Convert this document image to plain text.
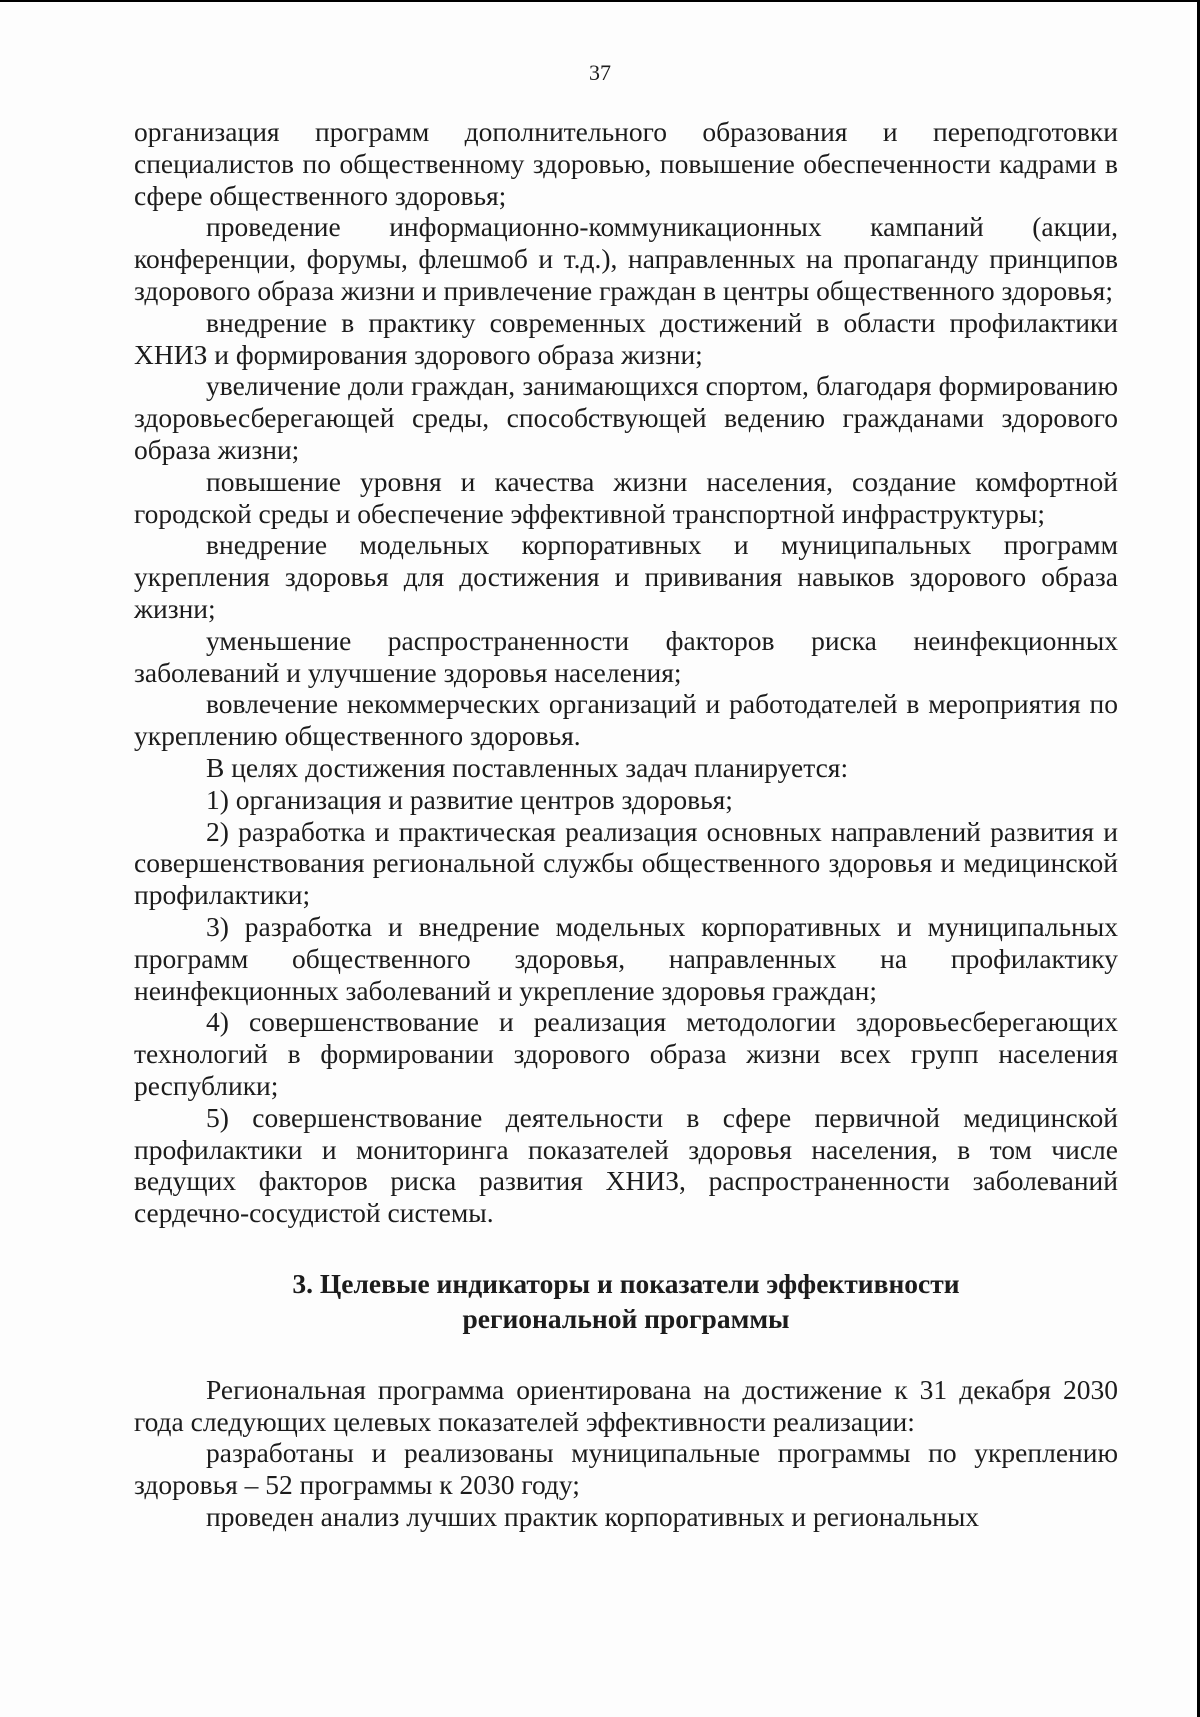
37

организация программ дополнительного образования и переподготовки специалистов по общественному здоровью, повышение обеспеченности кадрами в сфере общественного здоровья;

проведение информационно-коммуникационных кампаний (акции, конференции, форумы, флешмоб и т.д.), направленных на пропаганду принципов здорового образа жизни и привлечение граждан в центры общественного здоровья;

внедрение в практику современных достижений в области профилактики ХНИЗ и формирования здорового образа жизни;

увеличение доли граждан, занимающихся спортом, благодаря формированию здоровьесберегающей среды, способствующей ведению гражданами здорового образа жизни;

повышение уровня и качества жизни населения, создание комфортной городской среды и обеспечение эффективной транспортной инфраструктуры;

внедрение модельных корпоративных и муниципальных программ укрепления здоровья для достижения и прививания навыков здорового образа жизни;

уменьшение распространенности факторов риска неинфекционных заболеваний и улучшение здоровья населения;

вовлечение некоммерческих организаций и работодателей в мероприятия по укреплению общественного здоровья.

В целях достижения поставленных задач планируется:

1) организация и развитие центров здоровья;

2) разработка и практическая реализация основных направлений развития и совершенствования региональной службы общественного здоровья и медицинской профилактики;

3) разработка и внедрение модельных корпоративных и муниципальных программ общественного здоровья, направленных на профилактику неинфекционных заболеваний и укрепление здоровья граждан;

4) совершенствование и реализация методологии здоровьесберегающих технологий в формировании здорового образа жизни всех групп населения республики;

5) совершенствование деятельности в сфере первичной медицинской профилактики и мониторинга показателей здоровья населения, в том числе ведущих факторов риска развития ХНИЗ, распространенности заболеваний сердечно-сосудистой системы.

3. Целевые индикаторы и показатели эффективности
региональной программы

Региональная программа ориентирована на достижение к 31 декабря 2030 года следующих целевых показателей эффективности реализации:

разработаны и реализованы муниципальные программы по укреплению здоровья – 52 программы к 2030 году;

проведен анализ лучших практик корпоративных и региональных
